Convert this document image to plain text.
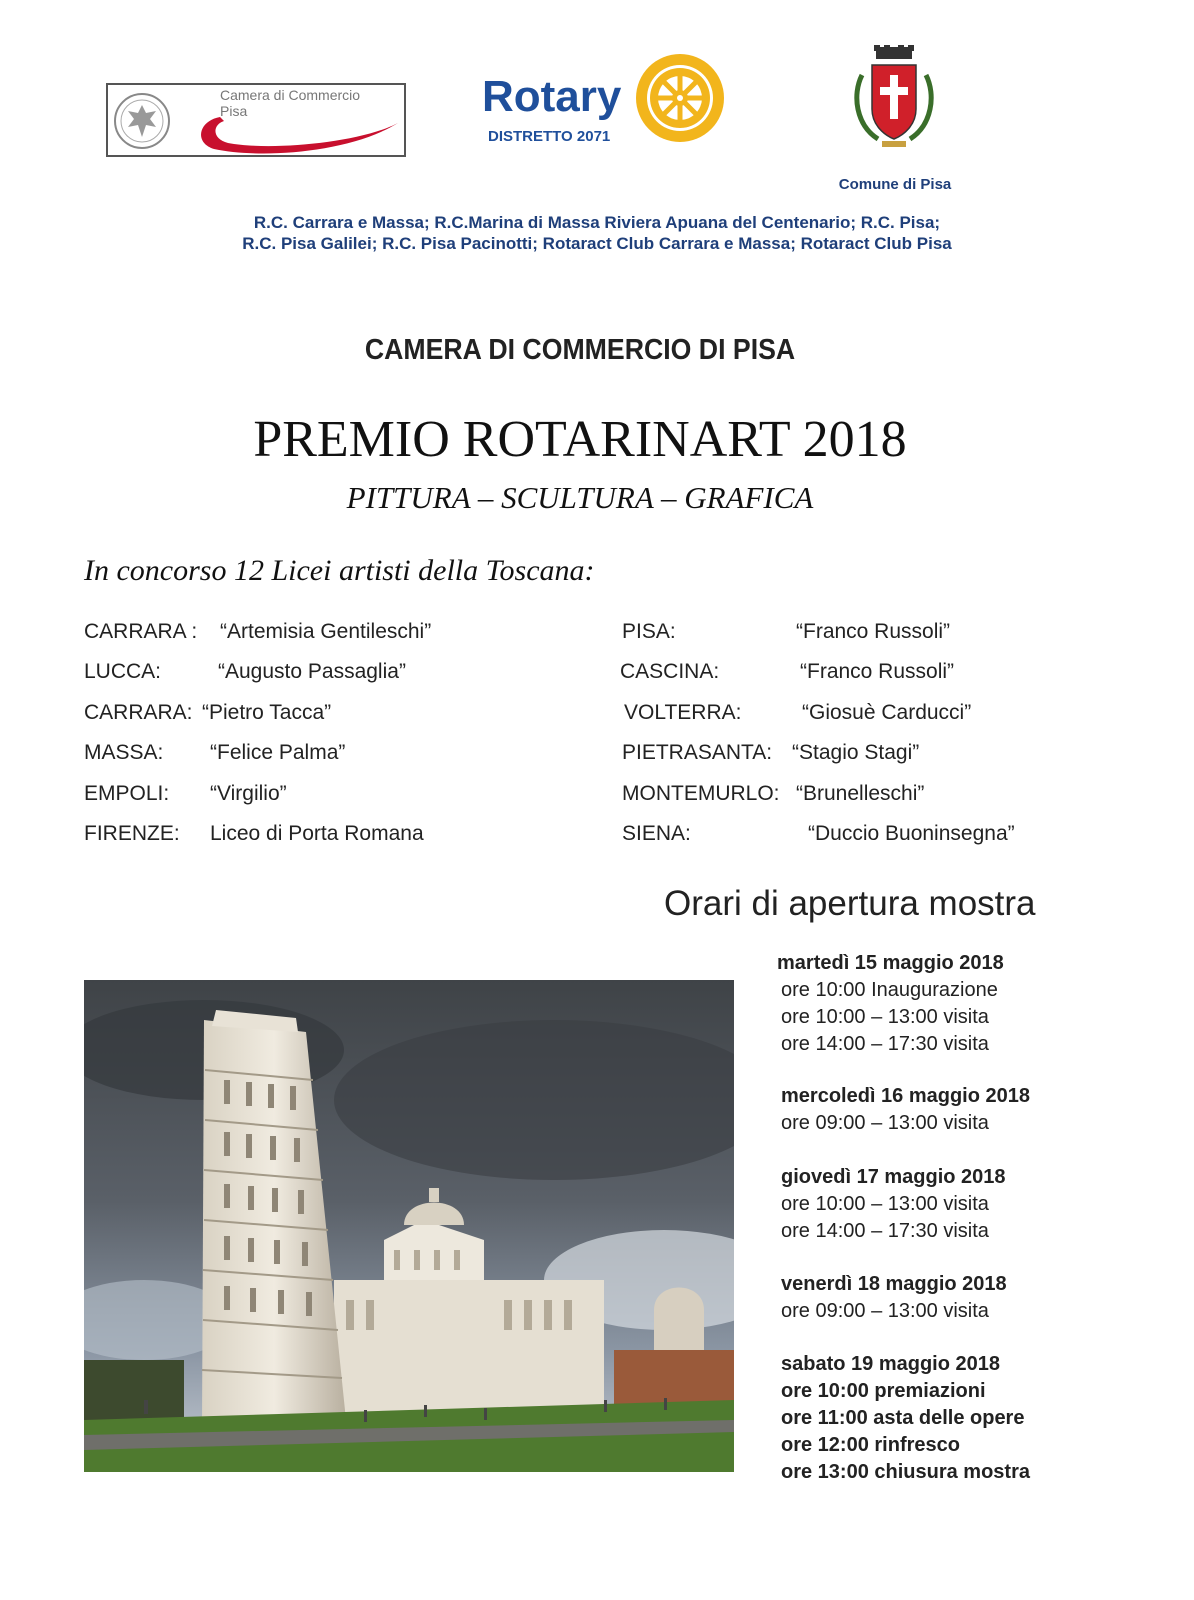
Camera di Commercio Pisa	Rotary
DISTRETTO 2071
Comune di Pisa
R.C. Carrara e Massa; R.C.Marina di Massa Riviera Apuana del Centenario; R.C. Pisa;
R.C. Pisa Galilei; R.C. Pisa Pacinotti; Rotaract Club Carrara e Massa; Rotaract Club Pisa
CAMERA DI COMMERCIO DI PISA
PREMIO ROTARINART 2018
PITTURA – SCULTURA – GRAFICA
In concorso 12 Licei artisti della Toscana:
CARRARA : “Artemisia Gentileschi”
LUCCA:	“Augusto Passaglia”
CARRARA: “Pietro Tacca”
MASSA: “Felice Palma”
EMPOLI: “Virgilio”
FIRENZE: Liceo di Porta Romana
PISA:	“Franco Russoli”
CASCINA:	“Franco Russoli”
VOLTERRA:	“Giosuè Carducci”
PIETRASANTA: “Stagio Stagi”
MONTEMURLO: “Brunelleschi”
SIENA:	“Duccio Buoninsegna”
Orari di apertura mostra
martedì 15 maggio 2018
ore 10:00 Inaugurazione
ore 10:00 – 13:00 visita
ore 14:00 – 17:30 visita
mercoledì 16 maggio 2018
ore 09:00 – 13:00 visita
giovedì 17 maggio 2018
ore 10:00 – 13:00 visita
ore 14:00 – 17:30 visita
venerdì 18 maggio 2018
ore 09:00 – 13:00 visita
sabato 19 maggio 2018
ore 10:00 premiazioni
ore 11:00 asta delle opere
ore 12:00 rinfresco
ore 13:00 chiusura mostra
